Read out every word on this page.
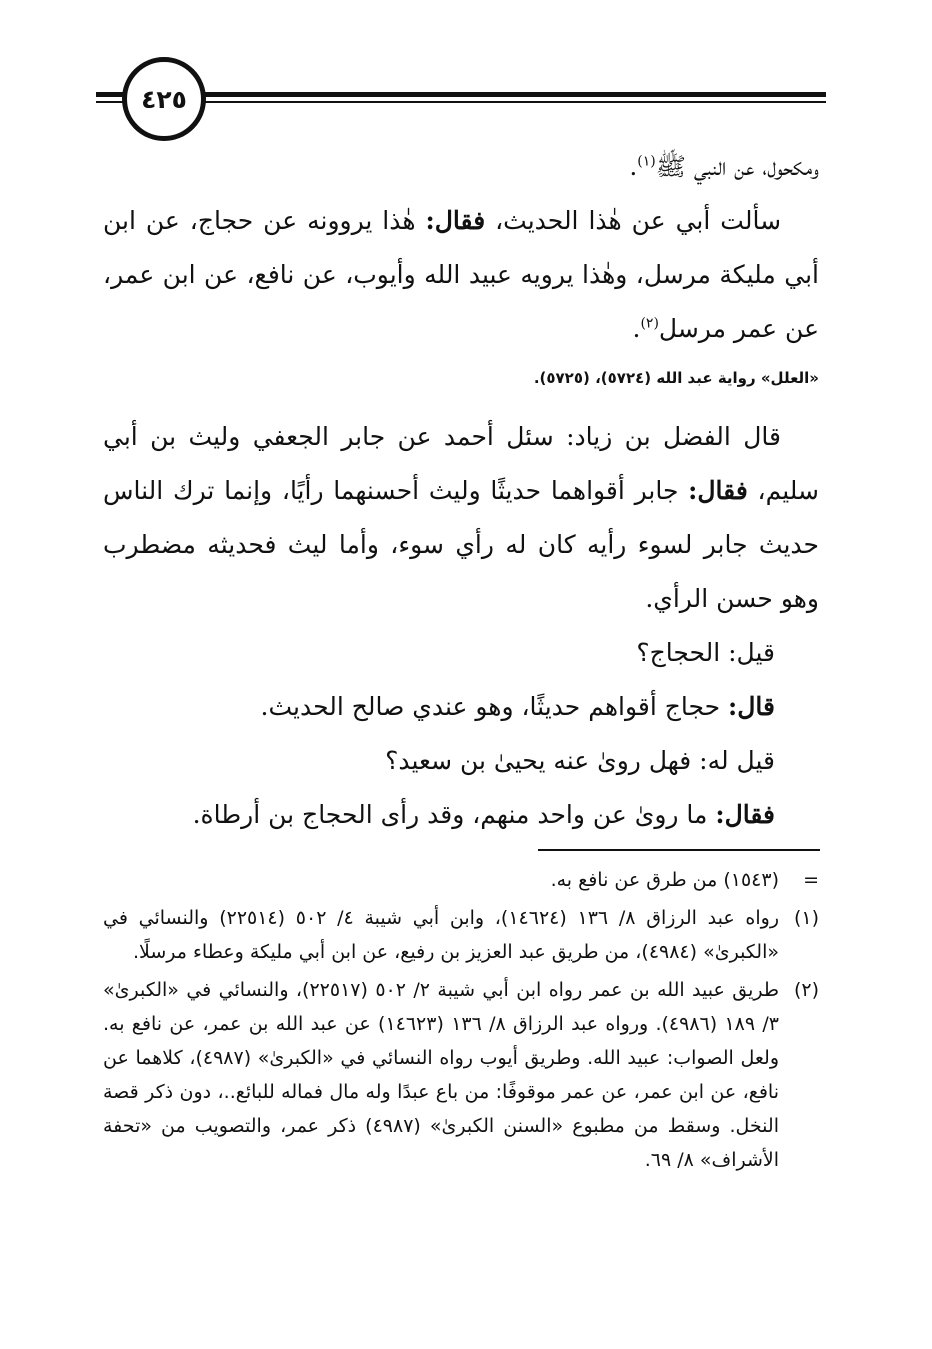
٤٢٥

ومكحول، عن النبي ﷺ$^{(١)}$.

سألت أبي عن هٰذا الحديث، فقال: هٰذا يروونه عن حجاج، عن ابن أبي مليكة مرسل، وهٰذا يرويه عبيد الله وأيوب، عن نافع، عن ابن عمر، عن عمر مرسل$^{(٢)}$.

«العلل» رواية عبد الله (٥٧٢٤)، (٥٧٢٥).

قال الفضل بن زياد: سئل أحمد عن جابر الجعفي وليث بن أبي سليم، فقال: جابر أقواهما حديثًا وليث أحسنهما رأيًا، وإنما ترك الناس حديث جابر لسوء رأيه كان له رأي سوء، وأما ليث فحديثه مضطرب وهو حسن الرأي.

قيل: الحجاج؟

قال: حجاج أقواهم حديثًا، وهو عندي صالح الحديث.

قيل له: فهل روىٰ عنه يحيىٰ بن سعيد؟

فقال: ما روىٰ عن واحد منهم، وقد رأى الحجاج بن أرطاة.

=
(١٥٤٣) من طرق عن نافع به.
(١)
رواه عبد الرزاق ٨/ ١٣٦ (١٤٦٢٤)، وابن أبي شيبة ٤/ ٥٠٢ (٢٢٥١٤) والنسائي في «الكبرىٰ» (٤٩٨٤)، من طريق عبد العزيز بن رفيع، عن ابن أبي مليكة وعطاء مرسلًا.
(٢)
طريق عبيد الله بن عمر رواه ابن أبي شيبة ٢/ ٥٠٢ (٢٢٥١٧)، والنسائي في «الكبرىٰ» ٣/ ١٨٩ (٤٩٨٦). ورواه عبد الرزاق ٨/ ١٣٦ (١٤٦٢٣) عن عبد الله بن عمر، عن نافع به. ولعل الصواب: عبيد الله. وطريق أيوب رواه النسائي في «الكبرىٰ» (٤٩٨٧)، كلاهما عن نافع، عن ابن عمر، عن عمر موقوفًا: من باع عبدًا وله مال فماله للبائع..، دون ذكر قصة النخل. وسقط من مطبوع «السنن الكبرىٰ» (٤٩٨٧) ذكر عمر، والتصويب من «تحفة الأشراف» ٨/ ٦٩.
